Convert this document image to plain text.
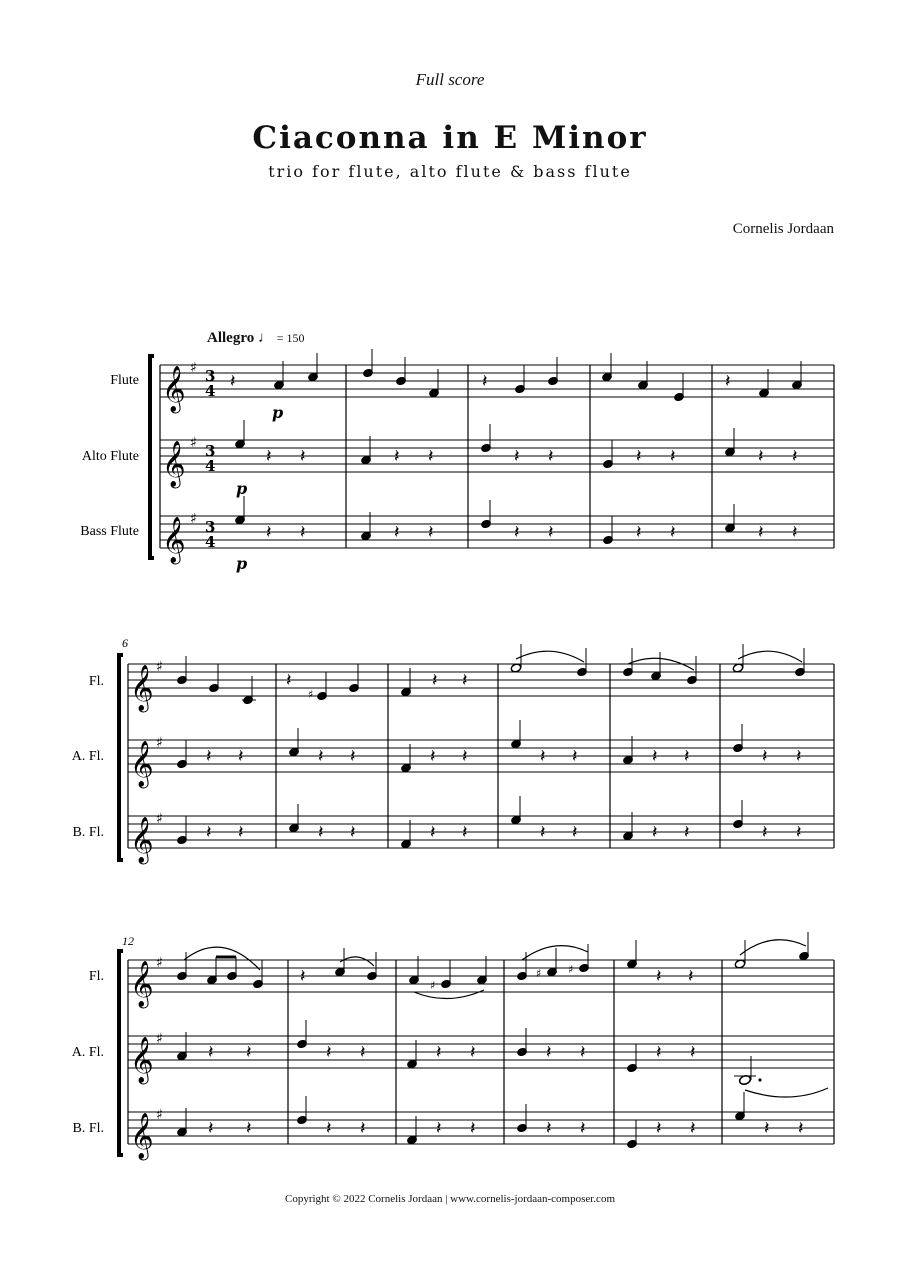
Full score
Ciaconna in E Minor
trio for flute, alto flute & bass flute
Cornelis Jordaan
Allegro ♩ = 150
Flute
Alto Flute
Bass Flute
𝄞
𝄞
𝄞
♯
♯
♯
3
4
3
4
3
4
p
p
p
𝄽	𝄽	𝄽
𝄽 𝄽	𝄽 𝄽	𝄽 𝄽	𝄽 𝄽	𝄽 𝄽
𝄽 𝄽	𝄽 𝄽	𝄽 𝄽	𝄽 𝄽	𝄽 𝄽
6
Fl.
A. Fl.
B. Fl.
𝄞
𝄞
𝄞
♯
♯
♯
𝄽
♯
𝄽 𝄽
𝄽 𝄽	𝄽 𝄽	𝄽 𝄽	𝄽 𝄽	𝄽 𝄽	𝄽 𝄽
𝄽 𝄽	𝄽 𝄽	𝄽 𝄽	𝄽 𝄽	𝄽 𝄽	𝄽 𝄽
12
Fl.
A. Fl.
B. Fl.
𝄞
𝄞
𝄞
♯
♯
♯
𝄽	♯
♯ ♯	𝄽 𝄽
𝄽 𝄽	𝄽 𝄽	𝄽 𝄽	𝄽 𝄽	𝄽 𝄽
𝄽 𝄽	𝄽 𝄽	𝄽 𝄽	𝄽 𝄽	𝄽 𝄽	𝄽 𝄽
Copyright © 2022 Cornelis Jordaan | www.cornelis-jordaan-composer.com
